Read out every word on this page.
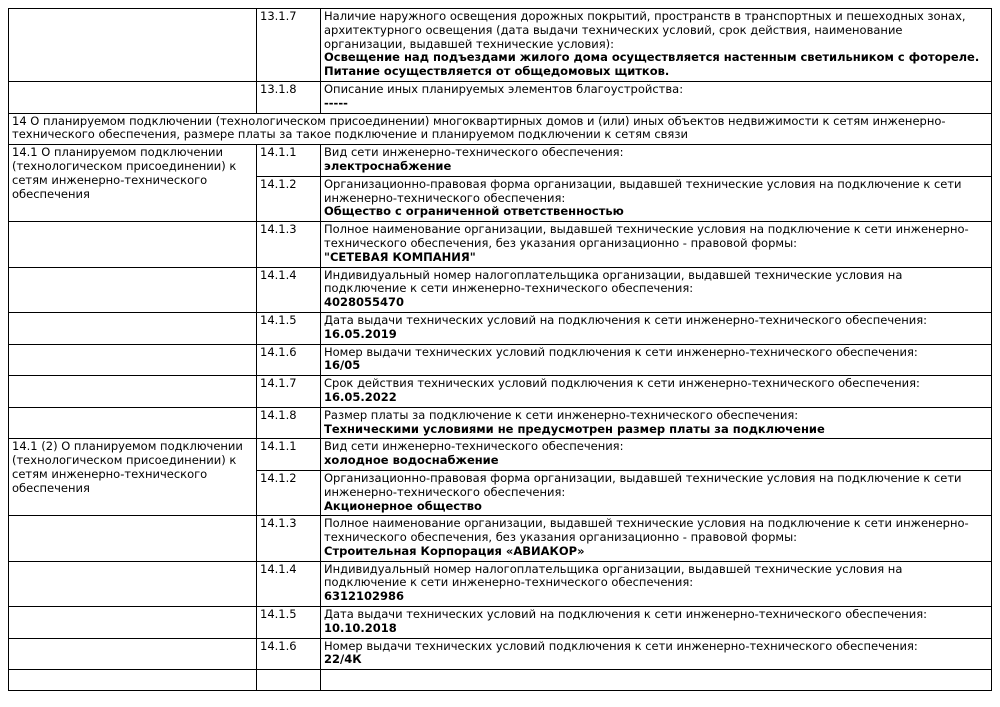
	13.1.7	Наличие наружного освещения дорожных покрытий, пространств в транспортных и пешеходных зонах, архитектурного освещения (дата выдачи технических условий, срок действия, наименование организации, выдавшей технические условия):
Освещение над подъездами жилого дома осуществляется настенным светильником с фотореле. Питание осуществляется от общедомовых щитков.

	13.1.8	Описание иных планируемых элементов благоустройства:
-----

14 О планируемом подключении (технологическом присоединении) многоквартирных домов и (или) иных объектов недвижимости к сетям инженерно-технического обеспечения, размере платы за такое подключение и планируемом подключении к сетям связи		
14.1 О планируемом подключении (технологическом присоединении) к сетям инженерно-технического обеспечения	14.1.1	Вид сети инженерно-технического обеспечения:
электроснабжение

	14.1.2	Организационно-правовая форма организации, выдавшей технические условия на подключение к сети инженерно-технического обеспечения:
Общество с ограниченной ответственностью

	14.1.3	Полное наименование организации, выдавшей технические условия на подключение к сети инженерно-технического обеспечения, без указания организационно - правовой формы:
"СЕТЕВАЯ КОМПАНИЯ"

	14.1.4	Индивидуальный номер налогоплательщика организации, выдавшей технические условия на подключение к сети инженерно-технического обеспечения:
4028055470

	14.1.5	Дата выдачи технических условий на подключения к сети инженерно-технического обеспечения:
16.05.2019

	14.1.6	Номер выдачи технических условий подключения к сети инженерно-технического обеспечения:
16/05

	14.1.7	Срок действия технических условий подключения к сети инженерно-технического обеспечения:
16.05.2022

	14.1.8	Размер платы за подключение к сети инженерно-технического обеспечения:
Техническими условиями не предусмотрен размер платы за подключение

14.1 (2) О планируемом подключении (технологическом присоединении) к сетям инженерно-технического обеспечения	14.1.1	Вид сети инженерно-технического обеспечения:
холодное водоснабжение

	14.1.2	Организационно-правовая форма организации, выдавшей технические условия на подключение к сети инженерно-технического обеспечения:
Акционерное общество

	14.1.3	Полное наименование организации, выдавшей технические условия на подключение к сети инженерно-технического обеспечения, без указания организационно - правовой формы:
Строительная Корпорация «АВИАКОР»

	14.1.4	Индивидуальный номер налогоплательщика организации, выдавшей технические условия на подключение к сети инженерно-технического обеспечения:
6312102986

	14.1.5	Дата выдачи технических условий на подключения к сети инженерно-технического обеспечения:
10.10.2018

	14.1.6	Номер выдачи технических условий подключения к сети инженерно-технического обеспечения:
22/4К
